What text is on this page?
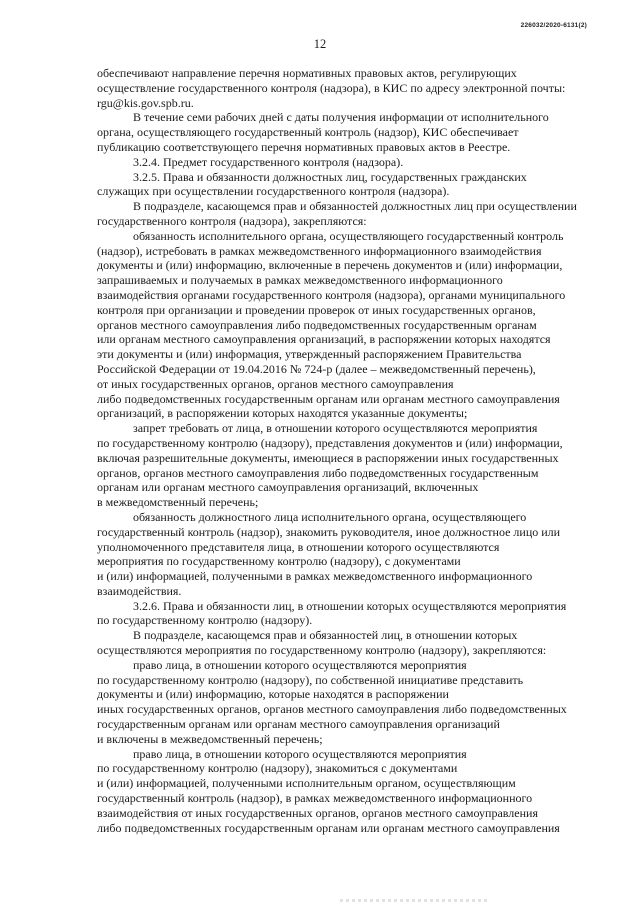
226032/2020-6131(2)
12

обеспечивают направление перечня нормативных правовых актов, регулирующих
осуществление государственного контроля (надзора), в КИС по адресу электронной почты:
rgu@kis.gov.spb.ru.

В течение семи рабочих дней с даты получения информации от исполнительного
органа, осуществляющего государственный контроль (надзор), КИС обеспечивает
публикацию соответствующего перечня нормативных правовых актов в Реестре.

3.2.4. Предмет государственного контроля (надзора).

3.2.5. Права и обязанности должностных лиц, государственных гражданских
служащих при осуществлении государственного контроля (надзора).

В подразделе, касающемся прав и обязанностей должностных лиц при осуществлении
государственного контроля (надзора), закрепляются:

обязанность исполнительного органа, осуществляющего государственный контроль
(надзор), истребовать в рамках межведомственного информационного взаимодействия
документы и (или) информацию, включенные в перечень документов и (или) информации,
запрашиваемых и получаемых в рамках межведомственного информационного
взаимодействия органами государственного контроля (надзора), органами муниципального
контроля при организации и проведении проверок от иных государственных органов,
органов местного самоуправления либо подведомственных государственным органам
или органам местного самоуправления организаций, в распоряжении которых находятся
эти документы и (или) информация, утвержденный распоряжением Правительства
Российской Федерации от 19.04.2016 № 724-р (далее – межведомственный перечень),
от иных государственных органов, органов местного самоуправления
либо подведомственных государственным органам или органам местного самоуправления
организаций, в распоряжении которых находятся указанные документы;

запрет требовать от лица, в отношении которого осуществляются мероприятия
по государственному контролю (надзору), представления документов и (или) информации,
включая разрешительные документы, имеющиеся в распоряжении иных государственных
органов, органов местного самоуправления либо подведомственных государственным
органам или органам местного самоуправления организаций, включенных
в межведомственный перечень;

обязанность должностного лица исполнительного органа, осуществляющего
государственный контроль (надзор), знакомить руководителя, иное должностное лицо или
уполномоченного представителя лица, в отношении которого осуществляются
мероприятия по государственному контролю (надзору), с документами
и (или) информацией, полученными в рамках межведомственного информационного
взаимодействия.

3.2.6. Права и обязанности лиц, в отношении которых осуществляются мероприятия
по государственному контролю (надзору).

В подразделе, касающемся прав и обязанностей лиц, в отношении которых
осуществляются мероприятия по государственному контролю (надзору), закрепляются:

право лица, в отношении которого осуществляются мероприятия
по государственному контролю (надзору), по собственной инициативе представить
документы и (или) информацию, которые находятся в распоряжении
иных государственных органов, органов местного самоуправления либо подведомственных
государственным органам или органам местного самоуправления организаций
и включены в межведомственный перечень;

право лица, в отношении которого осуществляются мероприятия
по государственному контролю (надзору), знакомиться с документами
и (или) информацией, полученными исполнительным органом, осуществляющим
государственный контроль (надзор), в рамках межведомственного информационного
взаимодействия от иных государственных органов, органов местного самоуправления
либо подведомственных государственным органам или органам местного самоуправления
